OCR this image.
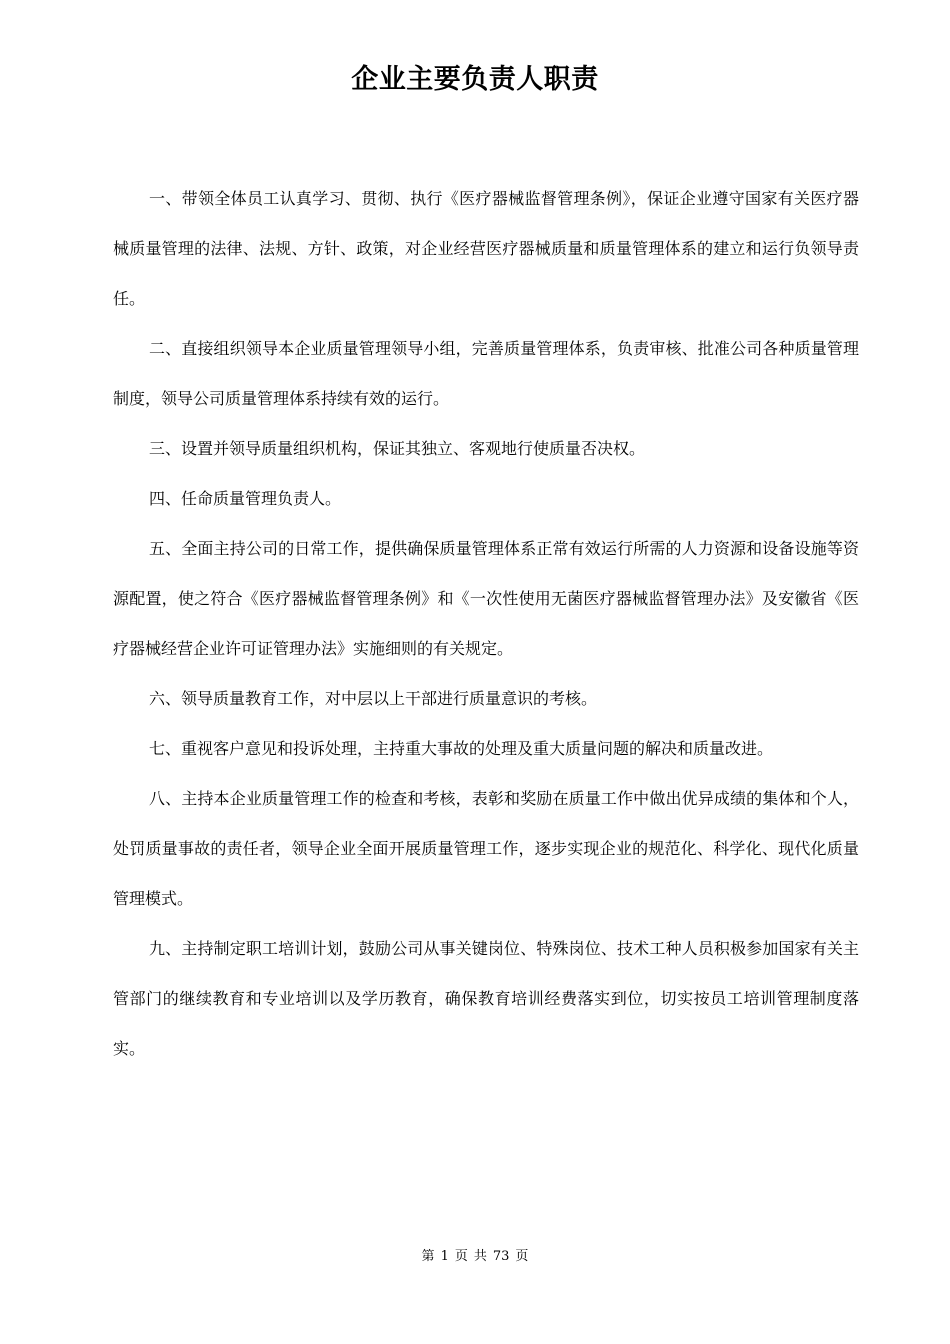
企业主要负责人职责

一、带领全体员工认真学习、贯彻、执行《医疗器械监督管理条例》，保证企业遵守国家有关医疗器械质量管理的法律、法规、方针、政策，对企业经营医疗器械质量和质量管理体系的建立和运行负领导责任。

二、直接组织领导本企业质量管理领导小组，完善质量管理体系，负责审核、批准公司各种质量管理制度，领导公司质量管理体系持续有效的运行。

三、设置并领导质量组织机构，保证其独立、客观地行使质量否决权。

四、任命质量管理负责人。

五、全面主持公司的日常工作，提供确保质量管理体系正常有效运行所需的人力资源和设备设施等资源配置，使之符合《医疗器械监督管理条例》和《一次性使用无菌医疗器械监督管理办法》及安徽省《医疗器械经营企业许可证管理办法》实施细则的有关规定。

六、领导质量教育工作，对中层以上干部进行质量意识的考核。

七、重视客户意见和投诉处理，主持重大事故的处理及重大质量问题的解决和质量改进。

八、主持本企业质量管理工作的检查和考核，表彰和奖励在质量工作中做出优异成绩的集体和个人，处罚质量事故的责任者，领导企业全面开展质量管理工作，逐步实现企业的规范化、科学化、现代化质量管理模式。

九、主持制定职工培训计划，鼓励公司从事关键岗位、特殊岗位、技术工种人员积极参加国家有关主管部门的继续教育和专业培训以及学历教育，确保教育培训经费落实到位，切实按员工培训管理制度落实。

第 1 页 共 73 页
